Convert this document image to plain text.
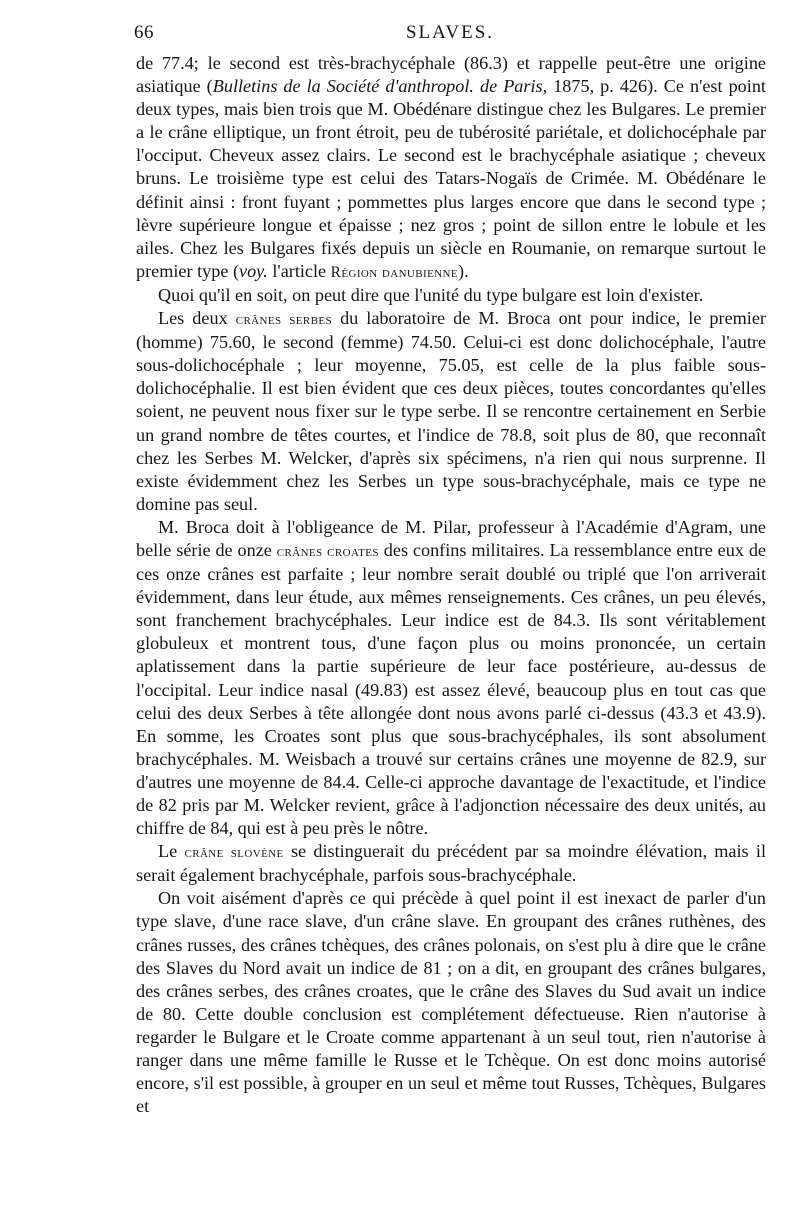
66	SLAVES.

de 77.4; le second est très-brachycéphale (86.3) et rappelle peut-être une origine asiatique (Bulletins de la Société d'anthropol. de Paris, 1875, p. 426). Ce n'est point deux types, mais bien trois que M. Obédénare distingue chez les Bulgares. Le premier a le crâne elliptique, un front étroit, peu de tubérosité pariétale, et dolichocéphale par l'occiput. Cheveux assez clairs. Le second est le brachycéphale asiatique ; cheveux bruns. Le troisième type est celui des Tatars-Nogaïs de Crimée. M. Obédénare le définit ainsi : front fuyant ; pommettes plus larges encore que dans le second type ; lèvre supérieure longue et épaisse ; nez gros ; point de sillon entre le lobule et les ailes. Chez les Bulgares fixés depuis un siècle en Roumanie, on remarque surtout le premier type (voy. l'article Région danubienne).

Quoi qu'il en soit, on peut dire que l'unité du type bulgare est loin d'exister.

Les deux crânes serbes du laboratoire de M. Broca ont pour indice, le premier (homme) 75.60, le second (femme) 74.50. Celui-ci est donc dolichocéphale, l'autre sous-dolichocéphale ; leur moyenne, 75.05, est celle de la plus faible sous-dolichocéphalie. Il est bien évident que ces deux pièces, toutes concordantes qu'elles soient, ne peuvent nous fixer sur le type serbe. Il se rencontre certainement en Serbie un grand nombre de têtes courtes, et l'indice de 78.8, soit plus de 80, que reconnaît chez les Serbes M. Welcker, d'après six spécimens, n'a rien qui nous surprenne. Il existe évidemment chez les Serbes un type sous-brachycéphale, mais ce type ne domine pas seul.

M. Broca doit à l'obligeance de M. Pilar, professeur à l'Académie d'Agram, une belle série de onze crânes croates des confins militaires. La ressemblance entre eux de ces onze crânes est parfaite ; leur nombre serait doublé ou triplé que l'on arriverait évidemment, dans leur étude, aux mêmes renseignements. Ces crânes, un peu élevés, sont franchement brachycéphales. Leur indice est de 84.3. Ils sont véritablement globuleux et montrent tous, d'une façon plus ou moins prononcée, un certain aplatissement dans la partie supérieure de leur face postérieure, au-dessus de l'occipital. Leur indice nasal (49.83) est assez élevé, beaucoup plus en tout cas que celui des deux Serbes à tête allongée dont nous avons parlé ci-dessus (43.3 et 43.9). En somme, les Croates sont plus que sous-brachycéphales, ils sont absolument brachycéphales. M. Weisbach a trouvé sur certains crânes une moyenne de 82.9, sur d'autres une moyenne de 84.4. Celle-ci approche davantage de l'exactitude, et l'indice de 82 pris par M. Welcker revient, grâce à l'adjonction nécessaire des deux unités, au chiffre de 84, qui est à peu près le nôtre.

Le crâne slovène se distinguerait du précédent par sa moindre élévation, mais il serait également brachycéphale, parfois sous-brachycéphale.

On voit aisément d'après ce qui précède à quel point il est inexact de parler d'un type slave, d'une race slave, d'un crâne slave. En groupant des crânes ruthènes, des crânes russes, des crânes tchèques, des crânes polonais, on s'est plu à dire que le crâne des Slaves du Nord avait un indice de 81 ; on a dit, en groupant des crânes bulgares, des crânes serbes, des crânes croates, que le crâne des Slaves du Sud avait un indice de 80. Cette double conclusion est complétement défectueuse. Rien n'autorise à regarder le Bulgare et le Croate comme appartenant à un seul tout, rien n'autorise à ranger dans une même famille le Russe et le Tchèque. On est donc moins autorisé encore, s'il est possible, à grouper en un seul et même tout Russes, Tchèques, Bulgares et
